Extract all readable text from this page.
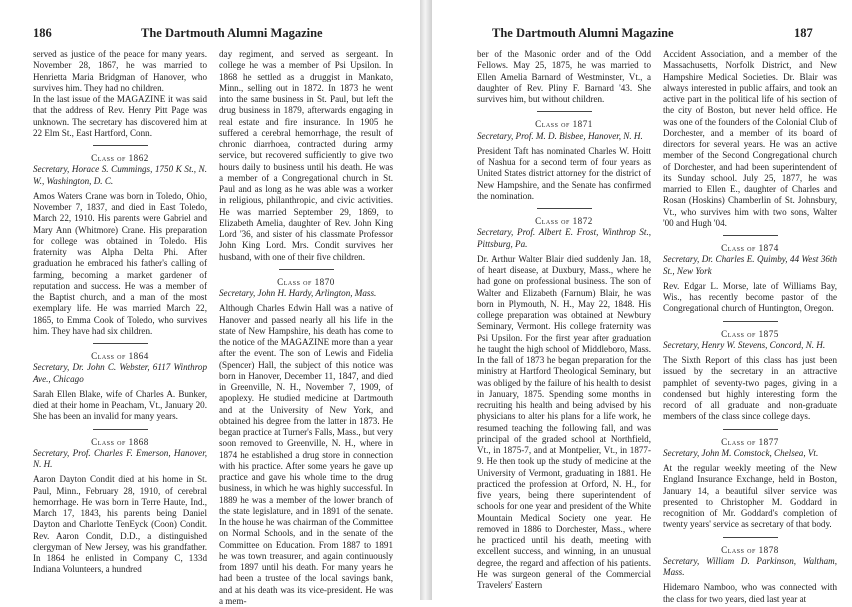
186	The Dartmouth Alumni Magazine
served as justice of the peace for many years. November 28, 1867, he was married to Henrietta Maria Bridgman of Hanover, who survives him. They had no children.
In the last issue of the MAGAZINE it was said that the address of Rev. Henry Pitt Page was unknown. The secretary has discovered him at 22 Elm St., East Hartford, Conn.
Class of 1862
Secretary, Horace S. Cummings, 1750 K St., N. W., Washington, D. C.
Amos Waters Crane was born in Toledo, Ohio, November 7, 1837, and died in East Toledo, March 22, 1910. His parents were Gabriel and Mary Ann (Whitmore) Crane. His preparation for college was obtained in Toledo. His fraternity was Alpha Delta Phi. After graduation he embraced his father's calling of farming, becoming a market gardener of reputation and success. He was a member of the Baptist church, and a man of the most exemplary life. He was married March 22, 1865, to Emma Cook of Toledo, who survives him. They have had six children.
Class of 1864
Secretary, Dr. John C. Webster, 6117 Winthrop Ave., Chicago
Sarah Ellen Blake, wife of Charles A. Bunker, died at their home in Peacham, Vt., January 20. She has been an invalid for many years.
Class of 1868
Secretary, Prof. Charles F. Emerson, Hanover, N. H.
Aaron Dayton Condit died at his home in St. Paul, Minn., February 28, 1910, of cerebral hemorrhage. He was born in Terre Haute, Ind., March 17, 1843, his parents being Daniel Dayton and Charlotte TenEyck (Coon) Condit. Rev. Aaron Condit, D.D., a distinguished clergyman of New Jersey, was his grandfather. In 1864 he enlisted in Company C, 133d Indiana Volunteers, a hundred
day regiment, and served as sergeant. In college he was a member of Psi Upsilon. In 1868 he settled as a druggist in Mankato, Minn., selling out in 1872. In 1873 he went into the same business in St. Paul, but left the drug business in 1879, afterwards engaging in real estate and fire insurance. In 1905 he suffered a cerebral hemorrhage, the result of chronic diarrhoea, contracted during army service, but recovered sufficiently to give two hours daily to business until his death. He was a member of a Congregational church in St. Paul and as long as he was able was a worker in religious, philanthropic, and civic activities. He was married September 29, 1869, to Elizabeth Amelia, daughter of Rev. John King Lord '36, and sister of his classmate Professor John King Lord. Mrs. Condit survives her husband, with one of their five children.
Class of 1870
Secretary, John H. Hardy, Arlington, Mass.
Although Charles Edwin Hall was a native of Hanover and passed nearly all his life in the state of New Hampshire, his death has come to the notice of the MAGAZINE more than a year after the event. The son of Lewis and Fidelia (Spencer) Hall, the subject of this notice was born in Hanover, December 11, 1847, and died in Greenville, N. H., November 7, 1909, of apoplexy. He studied medicine at Dartmouth and at the University of New York, and obtained his degree from the latter in 1873. He began practice at Turner's Falls, Mass., but very soon removed to Greenville, N. H., where in 1874 he established a drug store in connection with his practice. After some years he gave up practice and gave his whole time to the drug business, in which he was highly successful. In 1889 he was a member of the lower branch of the state legislature, and in 1891 of the senate. In the house he was chairman of the Committee on Normal Schools, and in the senate of the Committee on Education. From 1887 to 1891 he was town treasurer, and again continuously from 1897 until his death. For many years he had been a trustee of the local savings bank, and at his death was its vice-president. He was a mem-
The Dartmouth Alumni Magazine	187
ber of the Masonic order and of the Odd Fellows. May 25, 1875, he was married to Ellen Amelia Barnard of Westminster, Vt., a daughter of Rev. Pliny F. Barnard '43. She survives him, but without children.
Class of 1871
Secretary, Prof. M. D. Bisbee, Hanover, N. H.
President Taft has nominated Charles W. Hoitt of Nashua for a second term of four years as United States district attorney for the district of New Hampshire, and the Senate has confirmed the nomination.
Class of 1872
Secretary, Prof. Albert E. Frost, Winthrop St., Pittsburg, Pa.
Dr. Arthur Walter Blair died suddenly Jan. 18, of heart disease, at Duxbury, Mass., where he had gone on professional business. The son of Walter and Elizabeth (Farnum) Blair, he was born in Plymouth, N. H., May 22, 1848. His college preparation was obtained at Newbury Seminary, Vermont. His college fraternity was Psi Upsilon. For the first year after graduation he taught the high school of Middleboro, Mass. In the fall of 1873 he began preparation for the ministry at Hartford Theological Seminary, but was obliged by the failure of his health to desist in January, 1875. Spending some months in recruiting his health and being advised by his physicians to alter his plans for a life work, he resumed teaching the following fall, and was principal of the graded school at Northfield, Vt., in 1875-7, and at Montpelier, Vt., in 1877-9. He then took up the study of medicine at the University of Vermont, graduating in 1881. He practiced the profession at Orford, N. H., for five years, being there superintendent of schools for one year and president of the White Mountain Medical Society one year. He removed in 1886 to Dorchester, Mass., where he practiced until his death, meeting with excellent success, and winning, in an unusual degree, the regard and affection of his patients. He was surgeon general of the Commercial Travelers' Eastern
Accident Association, and a member of the Massachusetts, Norfolk District, and New Hampshire Medical Societies. Dr. Blair was always interested in public affairs, and took an active part in the political life of his section of the city of Boston, but never held office. He was one of the founders of the Colonial Club of Dorchester, and a member of its board of directors for several years. He was an active member of the Second Congregational church of Dorchester, and had been superintendent of its Sunday school. July 25, 1877, he was married to Ellen E., daughter of Charles and Rosan (Hoskins) Chamberlin of St. Johnsbury, Vt., who survives him with two sons, Walter '00 and Hugh '04.
Class of 1874
Secretary, Dr. Charles E. Quimby, 44 West 36th St., New York
Rev. Edgar L. Morse, late of Williams Bay, Wis., has recently become pastor of the Congregational church of Huntington, Oregon.
Class of 1875
Secretary, Henry W. Stevens, Concord, N. H.
The Sixth Report of this class has just been issued by the secretary in an attractive pamphlet of seventy-two pages, giving in a condensed but highly interesting form the record of all graduate and non-graduate members of the class since college days.
Class of 1877
Secretary, John M. Comstock, Chelsea, Vt.
At the regular weekly meeting of the New England Insurance Exchange, held in Boston, January 14, a beautiful silver service was presented to Christopher M. Goddard in recognition of Mr. Goddard's completion of twenty years' service as secretary of that body.
Class of 1878
Secretary, William D. Parkinson, Waltham, Mass.
Hidemaro Namboo, who was connected with the class for two years, died last year at
